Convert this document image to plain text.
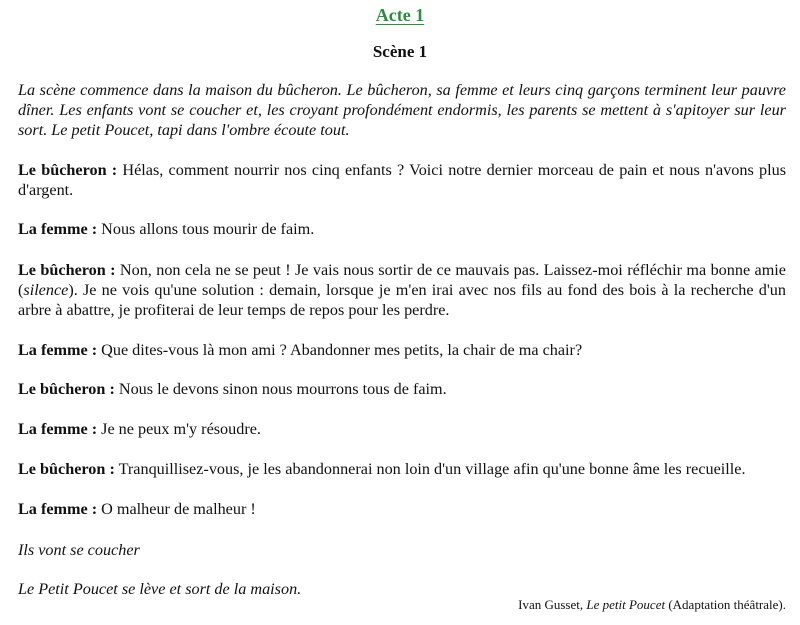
Acte 1
Scène 1

La scène commence dans la maison du bûcheron. Le bûcheron, sa femme et leurs cinq garçons terminent leur pauvre dîner. Les enfants vont se coucher et, les croyant profondément endormis, les parents se mettent à s'apitoyer sur leur sort. Le petit Poucet, tapi dans l'ombre écoute tout.

Le bûcheron : Hélas, comment nourrir nos cinq enfants ? Voici notre dernier morceau de pain et nous n'avons plus d'argent.

La femme : Nous allons tous mourir de faim.

Le bûcheron : Non, non cela ne se peut ! Je vais nous sortir de ce mauvais pas. Laissez-moi réfléchir ma bonne amie (silence). Je ne vois qu'une solution : demain, lorsque je m'en irai avec nos fils au fond des bois à la recherche d'un arbre à abattre, je profiterai de leur temps de repos pour les perdre.

La femme : Que dites-vous là mon ami ? Abandonner mes petits, la chair de ma chair?

Le bûcheron : Nous le devons sinon nous mourrons tous de faim.

La femme : Je ne peux m'y résoudre.

Le bûcheron : Tranquillisez-vous, je les abandonnerai non loin d'un village afin qu'une bonne âme les recueille.

La femme : O malheur de malheur !

Ils vont se coucher

Le Petit Poucet se lève et sort de la maison.

Ivan Gusset, Le petit Poucet (Adaptation théâtrale).
